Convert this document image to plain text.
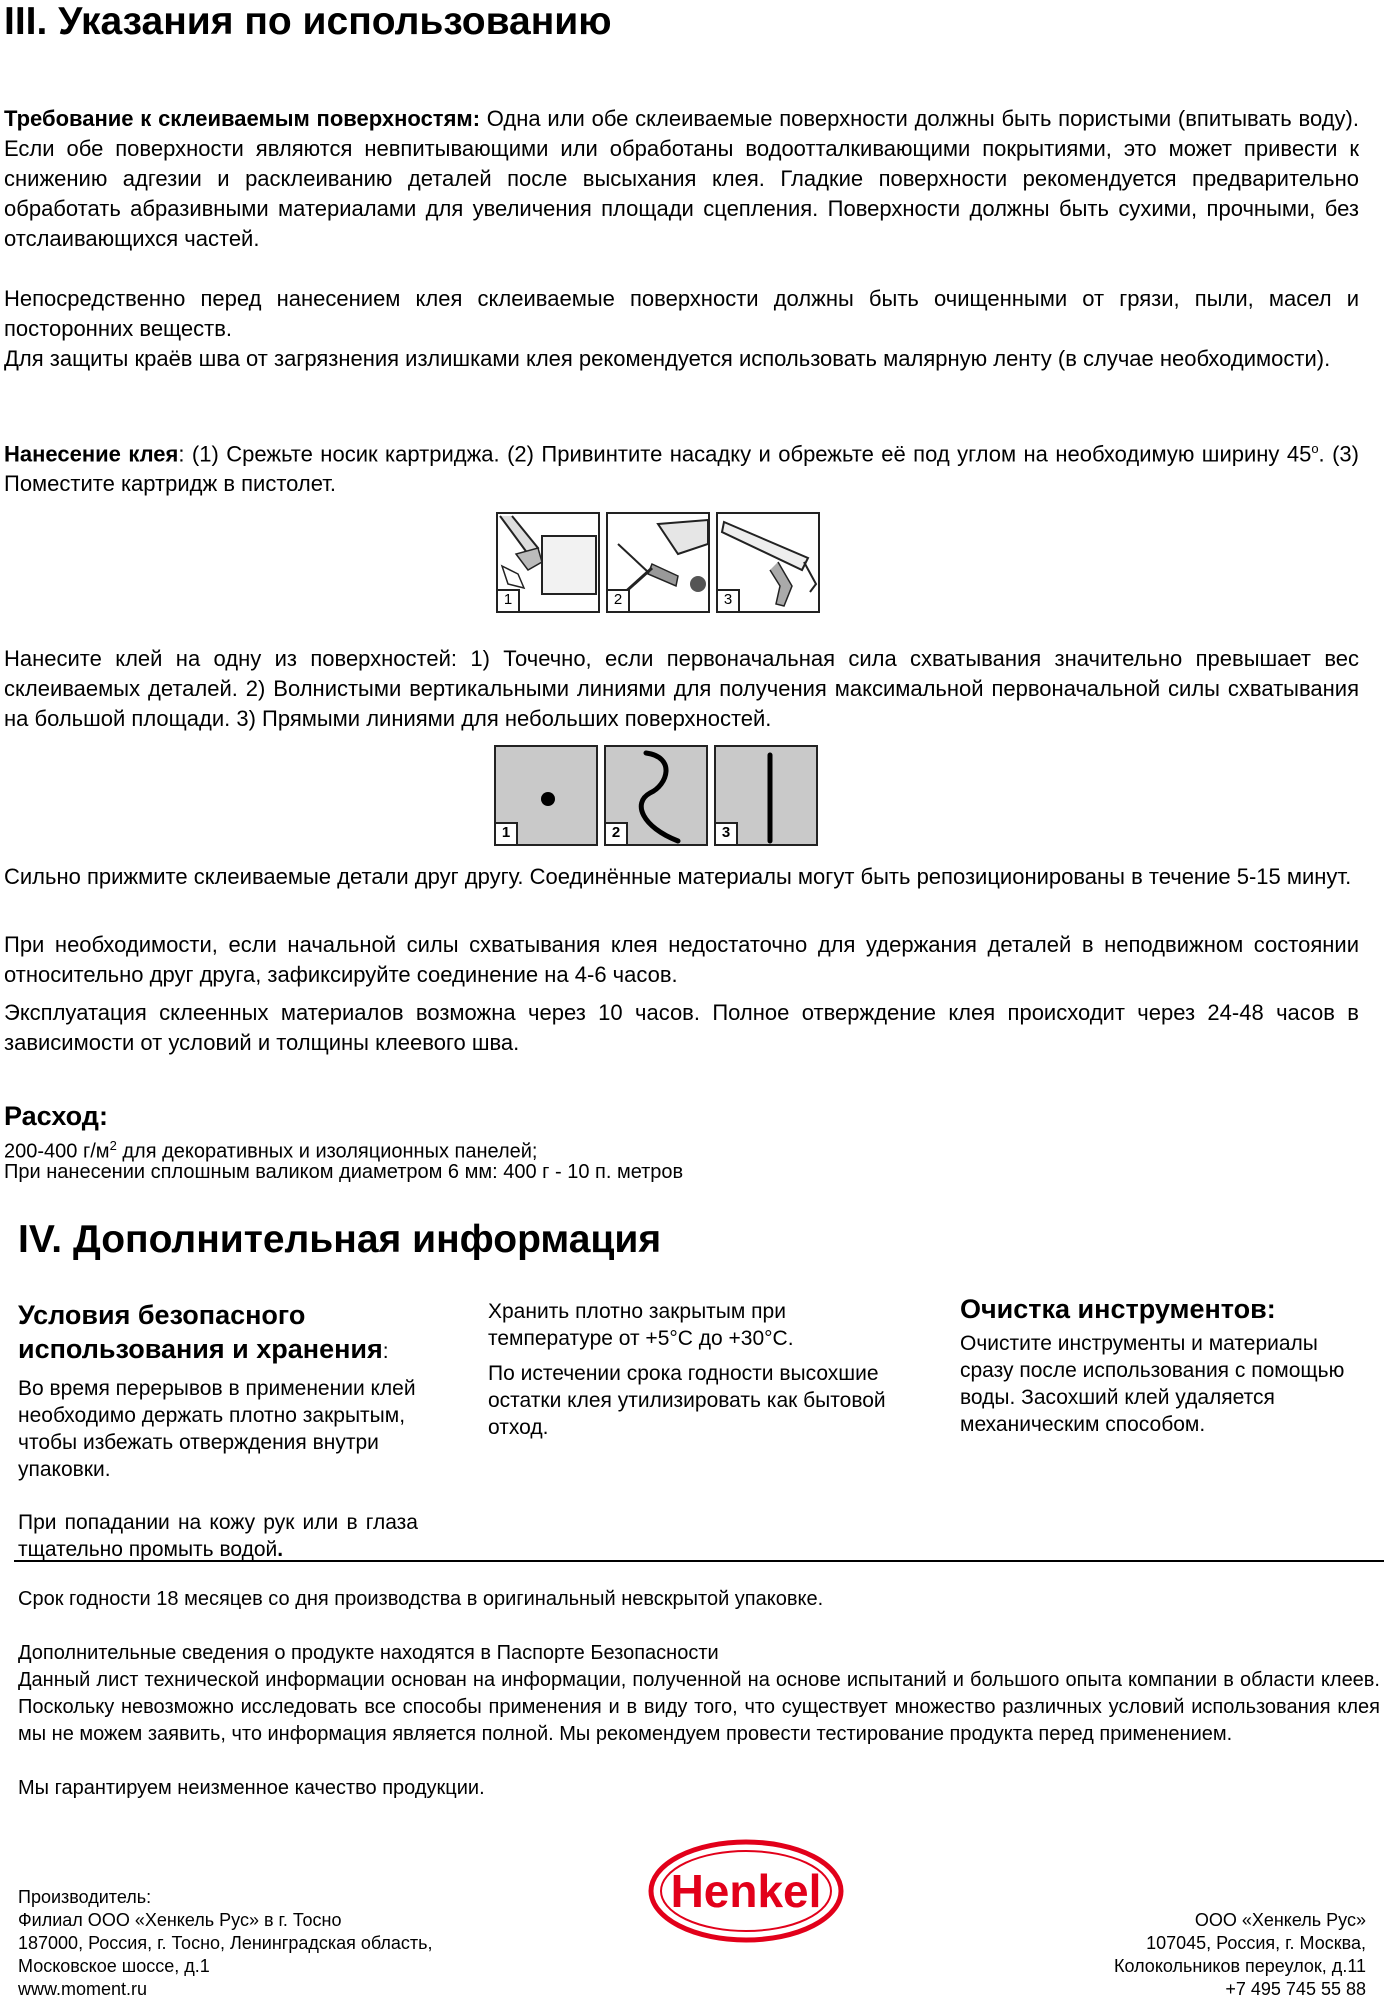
III. Указания по использованию
Требование к склеиваемым поверхностям: Одна или обе склеиваемые поверхности должны быть пористыми (впитывать воду). Если обе поверхности являются невпитывающими или обработаны водоотталкивающими покрытиями, это может привести к снижению адгезии и расклеиванию деталей после высыхания клея. Гладкие поверхности рекомендуется предварительно обработать абразивными материалами для увеличения площади сцепления. Поверхности должны быть сухими, прочными, без отслаивающихся частей.
Непосредственно перед нанесением клея склеиваемые поверхности должны быть очищенными от грязи, пыли, масел и посторонних веществ.
Для защиты краёв шва от загрязнения излишками клея рекомендуется использовать малярную ленту (в случае необходимости).
Нанесение клея: (1) Срежьте носик картриджа. (2) Привинтите насадку и обрежьте её под углом на необходимую ширину 45$^o$. (3) Поместите картридж в пистолет.
1	2	3
Нанесите клей на одну из поверхностей: 1) Точечно, если первоначальная сила схватывания значительно превышает вес склеиваемых деталей. 2) Волнистыми вертикальными линиями для получения максимальной первоначальной силы схватывания на большой площади. 3) Прямыми линиями для небольших поверхностей.
1	2	3
Сильно прижмите склеиваемые детали друг другу. Соединённые материалы могут быть репозиционированы в течение 5-15 минут.
При необходимости, если начальной силы схватывания клея недостаточно для удержания деталей в неподвижном состоянии относительно друг друга, зафиксируйте соединение на 4-6 часов.
Эксплуатация склеенных материалов возможна через 10 часов. Полное отверждение клея происходит через 24-48 часов в зависимости от условий и толщины клеевого шва.
Расход:
200-400 $г/м^2$ для декоративных и изоляционных панелей;
При нанесении сплошным валиком диаметром 6 мм: 400 г - 10 п. метров
IV. Дополнительная информация
Условия безопасного использования и хранения:
Во время перерывов в применении клей необходимо держать плотно закрытым, чтобы избежать отверждения внутри упаковки.
При попадании на кожу рук или в глаза тщательно промыть водой.
Хранить плотно закрытым при температуре от +5°С до +30°С.
По истечении срока годности высохшие остатки клея утилизировать как бытовой отход.
Очистка инструментов:
Очистите инструменты и материалы сразу после использования с помощью воды. Засохший клей удаляется механическим способом.
Срок годности 18 месяцев со дня производства в оригинальный невскрытой упаковке.
Дополнительные сведения о продукте находятся в Паспорте Безопасности
Данный лист технической информации основан на информации, полученной на основе испытаний и большого опыта компании в области клеев. Поскольку невозможно исследовать все способы применения и в виду того, что существует множество различных условий использования клея мы не можем заявить, что информация является полной. Мы рекомендуем провести тестирование продукта перед применением.
Мы гарантируем неизменное качество продукции.
Производитель:
Филиал ООО «Хенкель Рус» в г. Тосно
187000, Россия, г. Тосно, Ленинградская область,
Московское шоссе, д.1
www.moment.ru
Henkel
ООО «Хенкель Рус»
107045, Россия, г. Москва,
Колокольников переулок, д.11
+7 495 745 55 88
